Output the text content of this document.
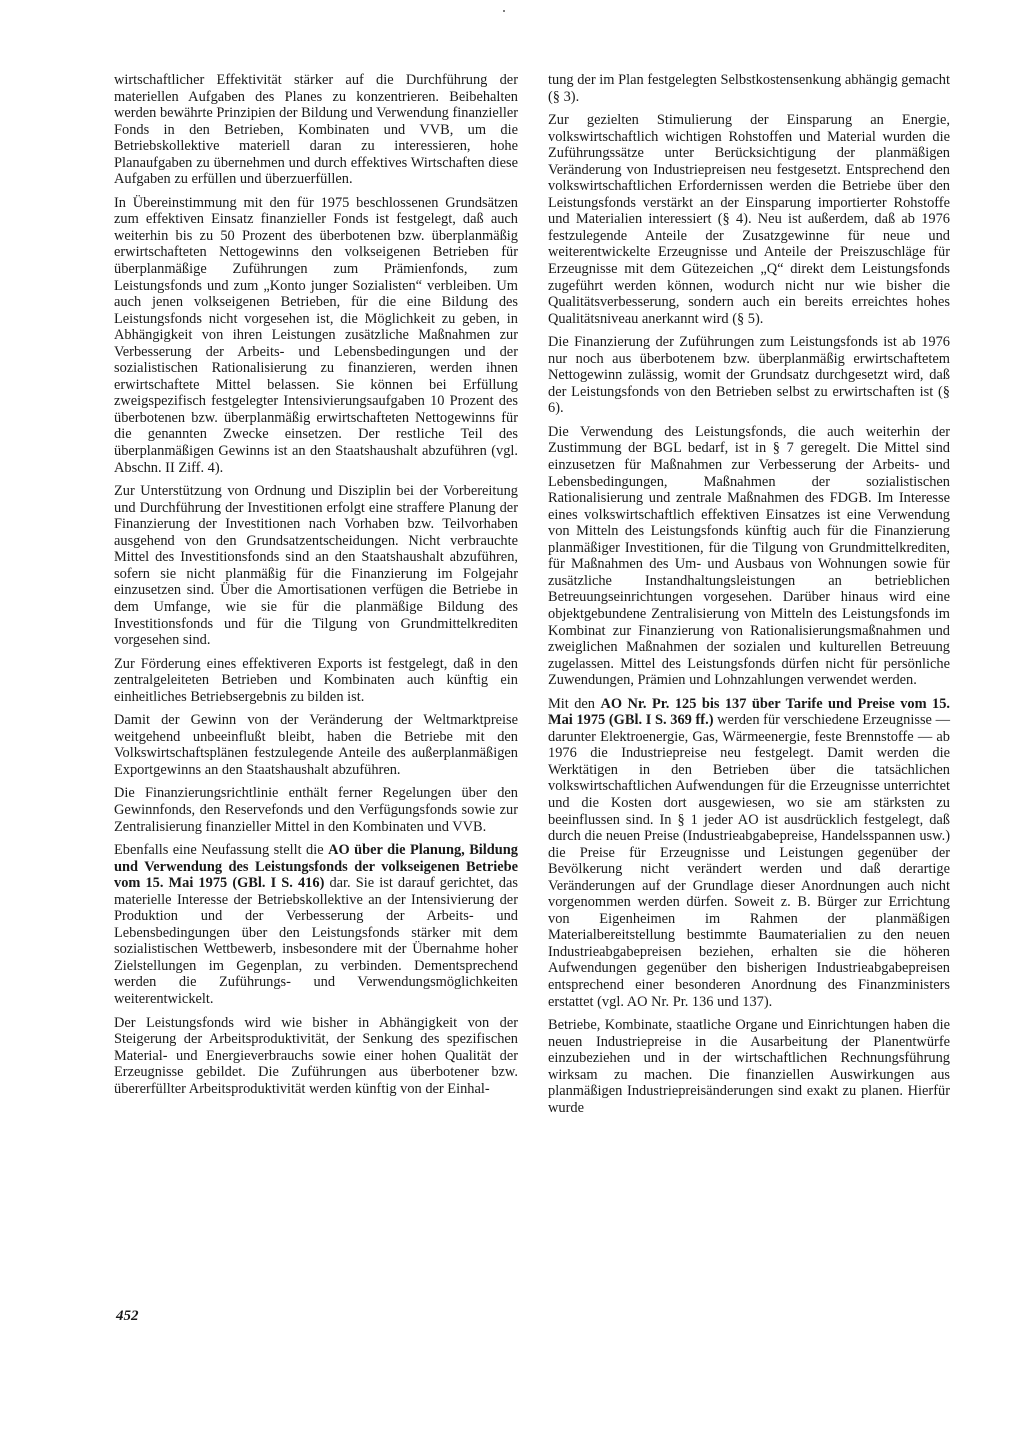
wirtschaftlicher Effektivität stärker auf die Durchführung der materiellen Aufgaben des Planes zu konzentrieren. Beibehalten werden bewährte Prinzipien der Bildung und Verwendung finanzieller Fonds in den Betrieben, Kombinaten und VVB, um die Betriebskollektive materiell daran zu interessieren, hohe Planaufgaben zu übernehmen und durch effektives Wirtschaften diese Aufgaben zu erfüllen und überzuerfüllen.

In Übereinstimmung mit den für 1975 beschlossenen Grundsätzen zum effektiven Einsatz finanzieller Fonds ist festgelegt, daß auch weiterhin bis zu 50 Prozent des überbotenen bzw. überplanmäßig erwirtschafteten Nettogewinns den volkseigenen Betrieben für überplanmäßige Zuführungen zum Prämienfonds, zum Leistungsfonds und zum „Konto junger Sozialisten“ verbleiben. Um auch jenen volkseigenen Betrieben, für die eine Bildung des Leistungsfonds nicht vorgesehen ist, die Möglichkeit zu geben, in Abhängigkeit von ihren Leistungen zusätzliche Maßnahmen zur Verbesserung der Arbeits- und Lebensbedingungen und der sozialistischen Rationalisierung zu finanzieren, werden ihnen erwirtschaftete Mittel belassen. Sie können bei Erfüllung zweigspezifisch festgelegter Intensivierungsaufgaben 10 Prozent des überbotenen bzw. überplanmäßig erwirtschafteten Nettogewinns für die genannten Zwecke einsetzen. Der restliche Teil des überplanmäßigen Gewinns ist an den Staatshaushalt abzuführen (vgl. Abschn. II Ziff. 4).

Zur Unterstützung von Ordnung und Disziplin bei der Vorbereitung und Durchführung der Investitionen erfolgt eine straffere Planung der Finanzierung der Investitionen nach Vorhaben bzw. Teilvorhaben ausgehend von den Grundsatzentscheidungen. Nicht verbrauchte Mittel des Investitionsfonds sind an den Staatshaushalt abzuführen, sofern sie nicht planmäßig für die Finanzierung im Folgejahr einzusetzen sind. Über die Amortisationen verfügen die Betriebe in dem Umfange, wie sie für die planmäßige Bildung des Investitionsfonds und für die Tilgung von Grundmittelkrediten vorgesehen sind.

Zur Förderung eines effektiveren Exports ist festgelegt, daß in den zentralgeleiteten Betrieben und Kombinaten auch künftig ein einheitliches Betriebsergebnis zu bilden ist.

Damit der Gewinn von der Veränderung der Weltmarktpreise weitgehend unbeeinflußt bleibt, haben die Betriebe mit den Volkswirtschaftsplänen festzulegende Anteile des außerplanmäßigen Exportgewinns an den Staatshaushalt abzuführen.

Die Finanzierungsrichtlinie enthält ferner Regelungen über den Gewinnfonds, den Reservefonds und den Verfügungsfonds sowie zur Zentralisierung finanzieller Mittel in den Kombinaten und VVB.

Ebenfalls eine Neufassung stellt die AO über die Planung, Bildung und Verwendung des Leistungsfonds der volkseigenen Betriebe vom 15. Mai 1975 (GBl. I S. 416) dar. Sie ist darauf gerichtet, das materielle Interesse der Betriebskollektive an der Intensivierung der Produktion und der Verbesserung der Arbeits- und Lebensbedingungen über den Leistungsfonds stärker mit dem sozialistischen Wettbewerb, insbesondere mit der Übernahme hoher Zielstellungen im Gegenplan, zu verbinden. Dementsprechend werden die Zuführungs- und Verwendungsmöglichkeiten weiterentwickelt.

Der Leistungsfonds wird wie bisher in Abhängigkeit von der Steigerung der Arbeitsproduktivität, der Senkung des spezifischen Material- und Energieverbrauchs sowie einer hohen Qualität der Erzeugnisse gebildet. Die Zuführungen aus überbotener bzw. übererfüllter Arbeitsproduktivität werden künftig von der Einhal-

tung der im Plan festgelegten Selbstkostensenkung abhängig gemacht (§ 3).

Zur gezielten Stimulierung der Einsparung an Energie, volkswirtschaftlich wichtigen Rohstoffen und Material wurden die Zuführungssätze unter Berücksichtigung der planmäßigen Veränderung von Industriepreisen neu festgesetzt. Entsprechend den volkswirtschaftlichen Erfordernissen werden die Betriebe über den Leistungsfonds verstärkt an der Einsparung importierter Rohstoffe und Materialien interessiert (§ 4). Neu ist außerdem, daß ab 1976 festzulegende Anteile der Zusatzgewinne für neue und weiterentwickelte Erzeugnisse und Anteile der Preiszuschläge für Erzeugnisse mit dem Gütezeichen „Q“ direkt dem Leistungsfonds zugeführt werden können, wodurch nicht nur wie bisher die Qualitätsverbesserung, sondern auch ein bereits erreichtes hohes Qualitätsniveau anerkannt wird (§ 5).

Die Finanzierung der Zuführungen zum Leistungsfonds ist ab 1976 nur noch aus überbotenem bzw. überplanmäßig erwirtschaftetem Nettogewinn zulässig, womit der Grundsatz durchgesetzt wird, daß der Leistungsfonds von den Betrieben selbst zu erwirtschaften ist (§ 6).

Die Verwendung des Leistungsfonds, die auch weiterhin der Zustimmung der BGL bedarf, ist in § 7 geregelt. Die Mittel sind einzusetzen für Maßnahmen zur Verbesserung der Arbeits- und Lebensbedingungen, Maßnahmen der sozialistischen Rationalisierung und zentrale Maßnahmen des FDGB. Im Interesse eines volkswirtschaftlich effektiven Einsatzes ist eine Verwendung von Mitteln des Leistungsfonds künftig auch für die Finanzierung planmäßiger Investitionen, für die Tilgung von Grundmittelkrediten, für Maßnahmen des Um- und Ausbaus von Wohnungen sowie für zusätzliche Instandhaltungsleistungen an betrieblichen Betreuungseinrichtungen vorgesehen. Darüber hinaus wird eine objektgebundene Zentralisierung von Mitteln des Leistungsfonds im Kombinat zur Finanzierung von Rationalisierungsmaßnahmen und zweiglichen Maßnahmen der sozialen und kulturellen Betreuung zugelassen. Mittel des Leistungsfonds dürfen nicht für persönliche Zuwendungen, Prämien und Lohnzahlungen verwendet werden.

Mit den AO Nr. Pr. 125 bis 137 über Tarife und Preise vom 15. Mai 1975 (GBl. I S. 369 ff.) werden für verschiedene Erzeugnisse — darunter Elektroenergie, Gas, Wärmeenergie, feste Brennstoffe — ab 1976 die Industriepreise neu festgelegt. Damit werden die Werktätigen in den Betrieben über die tatsächlichen volkswirtschaftlichen Aufwendungen für die Erzeugnisse unterrichtet und die Kosten dort ausgewiesen, wo sie am stärksten zu beeinflussen sind. In § 1 jeder AO ist ausdrücklich festgelegt, daß durch die neuen Preise (Industrieabgabepreise, Handelsspannen usw.) die Preise für Erzeugnisse und Leistungen gegenüber der Bevölkerung nicht verändert werden und daß derartige Veränderungen auf der Grundlage dieser Anordnungen auch nicht vorgenommen werden dürfen. Soweit z. B. Bürger zur Errichtung von Eigenheimen im Rahmen der planmäßigen Materialbereitstellung bestimmte Baumaterialien zu den neuen Industrieabgabepreisen beziehen, erhalten sie die höheren Aufwendungen gegenüber den bisherigen Industrieabgabepreisen entsprechend einer besonderen Anordnung des Finanzministers erstattet (vgl. AO Nr. Pr. 136 und 137).

Betriebe, Kombinate, staatliche Organe und Einrichtungen haben die neuen Industriepreise in die Ausarbeitung der Planentwürfe einzubeziehen und in der wirtschaftlichen Rechnungsführung wirksam zu machen. Die finanziellen Auswirkungen aus planmäßigen Industriepreisänderungen sind exakt zu planen. Hierfür wurde

452
